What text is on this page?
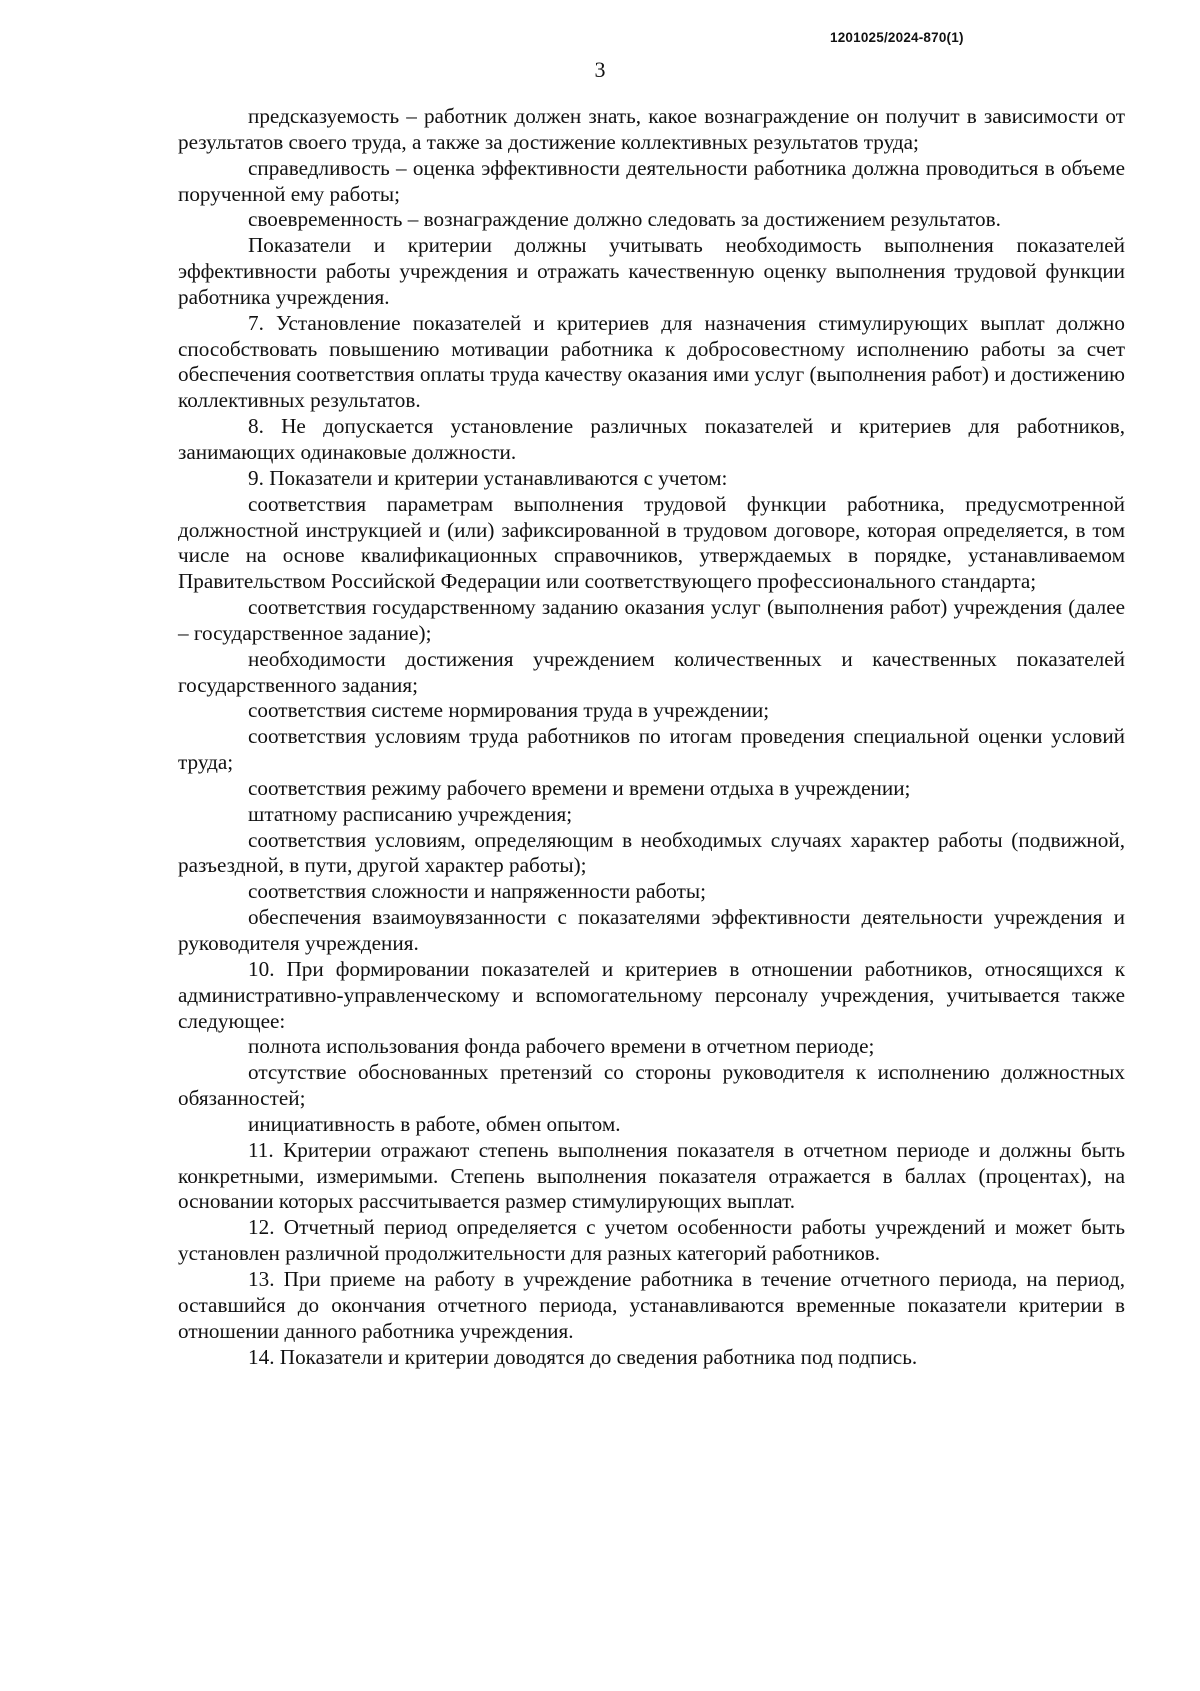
1201025/2024-870(1)
3

предсказуемость – работник должен знать, какое вознаграждение он получит в зависимости от результатов своего труда, а также за достижение коллективных результатов труда;

справедливость – оценка эффективности деятельности работника должна проводиться в объеме порученной ему работы;

своевременность – вознаграждение должно следовать за достижением результатов.

Показатели и критерии должны учитывать необходимость выполнения показателей эффективности работы учреждения и отражать качественную оценку выполнения трудовой функции работника учреждения.

7. Установление показателей и критериев для назначения стимулирующих выплат должно способствовать повышению мотивации работника к добросовестному исполнению работы за счет обеспечения соответствия оплаты труда качеству оказания ими услуг (выполнения работ) и достижению коллективных результатов.

8. Не допускается установление различных показателей и критериев для работников, занимающих одинаковые должности.

9. Показатели и критерии устанавливаются с учетом:

соответствия параметрам выполнения трудовой функции работника, предусмотренной должностной инструкцией и (или) зафиксированной в трудовом договоре, которая определяется, в том числе на основе квалификационных справочников, утверждаемых в порядке, устанавливаемом Правительством Российской Федерации или соответствующего профессионального стандарта;

соответствия государственному заданию оказания услуг (выполнения работ) учреждения (далее – государственное задание);

необходимости достижения учреждением количественных и качественных показателей государственного задания;

соответствия системе нормирования труда в учреждении;

соответствия условиям труда работников по итогам проведения специальной оценки условий труда;

соответствия режиму рабочего времени и времени отдыха в учреждении;

штатному расписанию учреждения;

соответствия условиям, определяющим в необходимых случаях характер работы (подвижной, разъездной, в пути, другой характер работы);

соответствия сложности и напряженности работы;

обеспечения взаимоувязанности с показателями эффективности деятельности учреждения и руководителя учреждения.

10. При формировании показателей и критериев в отношении работников, относящихся к административно-управленческому и вспомогательному персоналу учреждения, учитывается также следующее:

полнота использования фонда рабочего времени в отчетном периоде;

отсутствие обоснованных претензий со стороны руководителя к исполнению должностных обязанностей;

инициативность в работе, обмен опытом.

11. Критерии отражают степень выполнения показателя в отчетном периоде и должны быть конкретными, измеримыми. Степень выполнения показателя отражается в баллах (процентах), на основании которых рассчитывается размер стимулирующих выплат.

12. Отчетный период определяется с учетом особенности работы учреждений и может быть установлен различной продолжительности для разных категорий работников.

13. При приеме на работу в учреждение работника в течение отчетного периода, на период, оставшийся до окончания отчетного периода, устанавливаются временные показатели критерии в отношении данного работника учреждения.

14. Показатели и критерии доводятся до сведения работника под подпись.
